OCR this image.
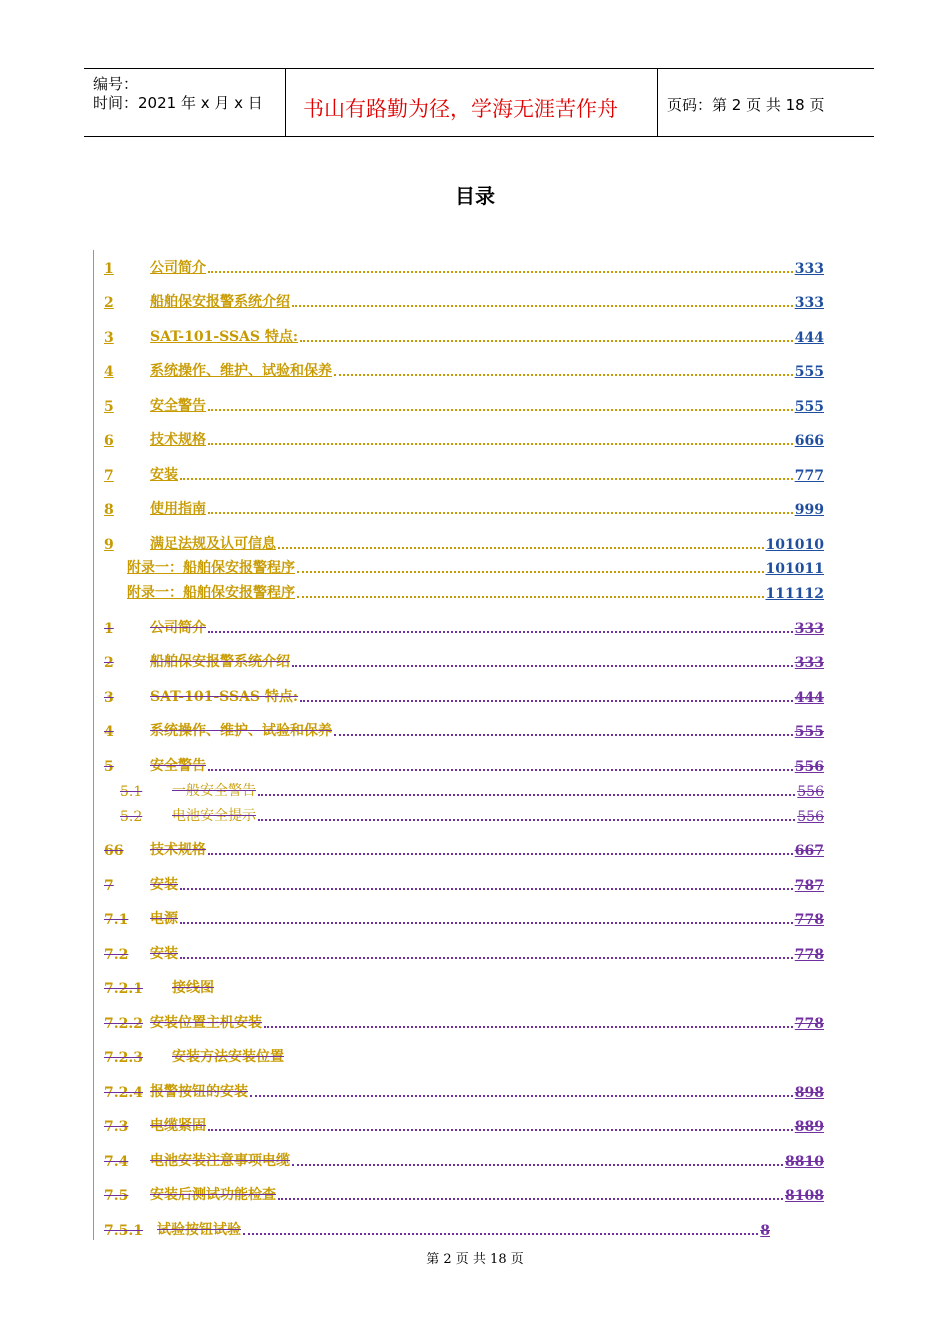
编号：
时间：2021 年 x 月 x 日 书山有路勤为径，学海无涯苦作舟	页码：第 2 页 共 18 页
目录
1	公司简介	333
2	船舶保安报警系统介绍	333
3	SAT-101-SSAS 特点:	444
4	系统操作、维护、试验和保养	555
5	安全警告	555
6	技术规格	666
7	安装	777
8	使用指南	999
9	满足法规及认可信息	101010
附录一：船舶保安报警程序	101011
附录一：船舶保安报警程序	111112
1	公司简介	333
2	船舶保安报警系统介绍	333
3	SAT-101-SSAS 特点:	444
4	系统操作、维护、试验和保养	555
5	安全警告	556
5.1	一般安全警告	556
5.2	电池安全提示	556
66	技术规格	667
7	安装	787
7.1	电源	778
7.2	安装	778
7.2.1	接线图
7.2.2 安装位置主机安装	778
7.2.3	安装方法安装位置
7.2.4 报警按钮的安装	898
7.3	电缆紧固	889
7.4	电池安装注意事项电缆	8810
7.5	安装后测试功能检查	8108
7.5.1	试验按钮试验	8
第 2 页 共 18 页
